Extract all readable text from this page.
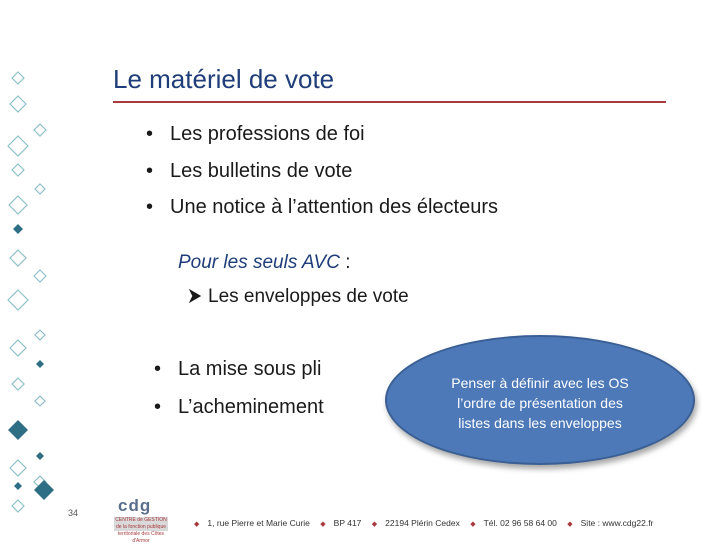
Le matériel de vote
• Les professions de foi
• Les bulletins de vote
• Une notice à l’attention des électeurs
Pour les seuls AVC :
Les enveloppes de vote
• La mise sous pli
• L’acheminement
Penser à définir avec les OS
l’ordre de présentation des
listes dans les enveloppes
34 cdg
CENTRE de GESTION de la fonction publique territoriale des Côtes d'Armor
◆ 1, rue Pierre et Marie Curie ◆ BP 417 ◆ 22194 Plérin Cedex ◆ Tél. 02 96 58 64 00 ◆ Site : www.cdg22.fr
